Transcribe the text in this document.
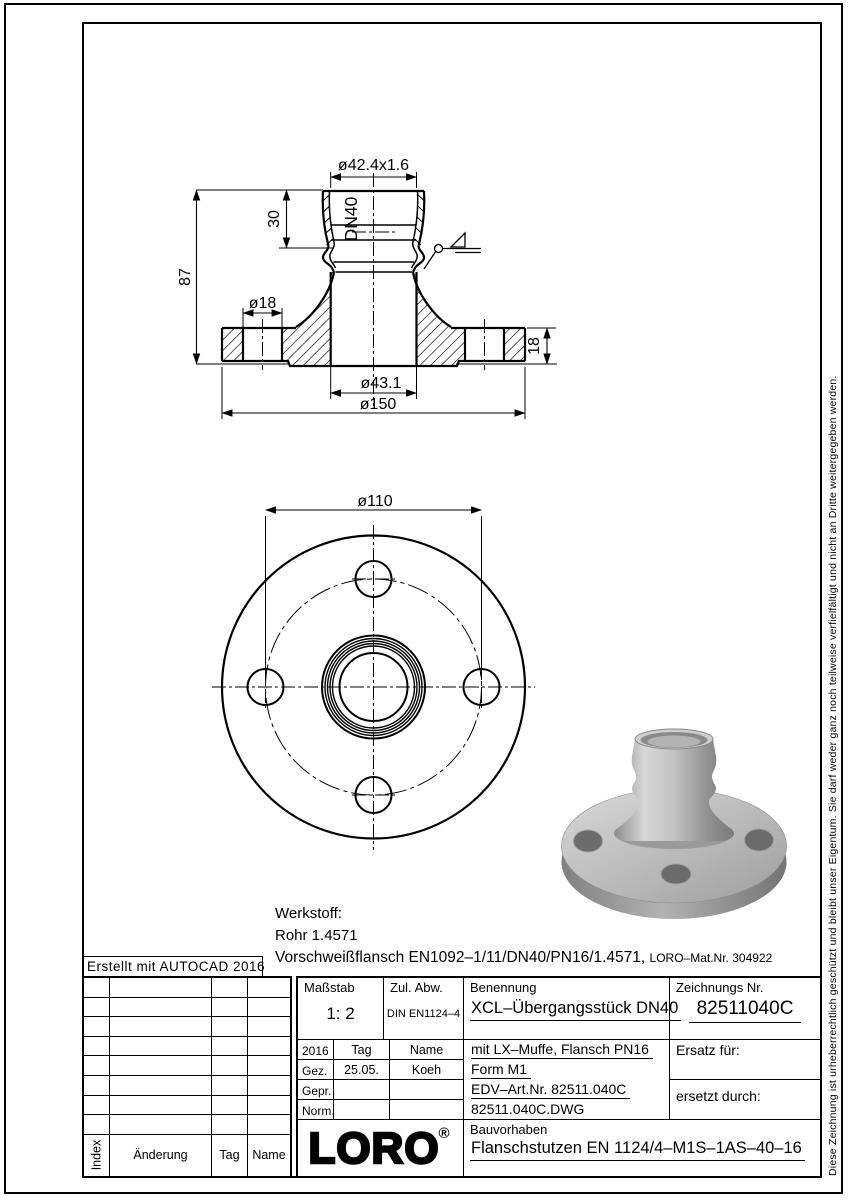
ø42.4x1.6
DN40
30
87
ø18
18
ø43.1
ø150
ø110	Diese Zeichnung ist urheberrechtlich geschützt und bleibt unser Eigentum. Sie darf weder ganz noch teilweise verfielfältigt und nicht an Dritte weitergegeben werden.
Erstellt mit AUTOCAD 2016
Werkstoff:
Rohr 1.4571
Vorschweißflansch EN1092–1/11/DN40/PN16/1.4571, LORO–Mat.Nr. 304922
Index	Änderung	Tag	Name
Maßstab
1: 2
Zul. Abw.
DIN EN1124–4
Benennung
XCL–Übergangsstück DN40
Zeichnungs Nr.
82511040C
2016 Tag	Name
Gez. 25.05.	Koeh
Gepr.
Norm.
mit LX–Muffe, Flansch PN16
Form M1
EDV–Art.Nr. 82511.040C
82511.040C.DWG
Ersatz für:
ersetzt durch:
LORO
®	Bauvorhaben
Flanschstutzen EN 1124/4–M1S–1AS–40–16
